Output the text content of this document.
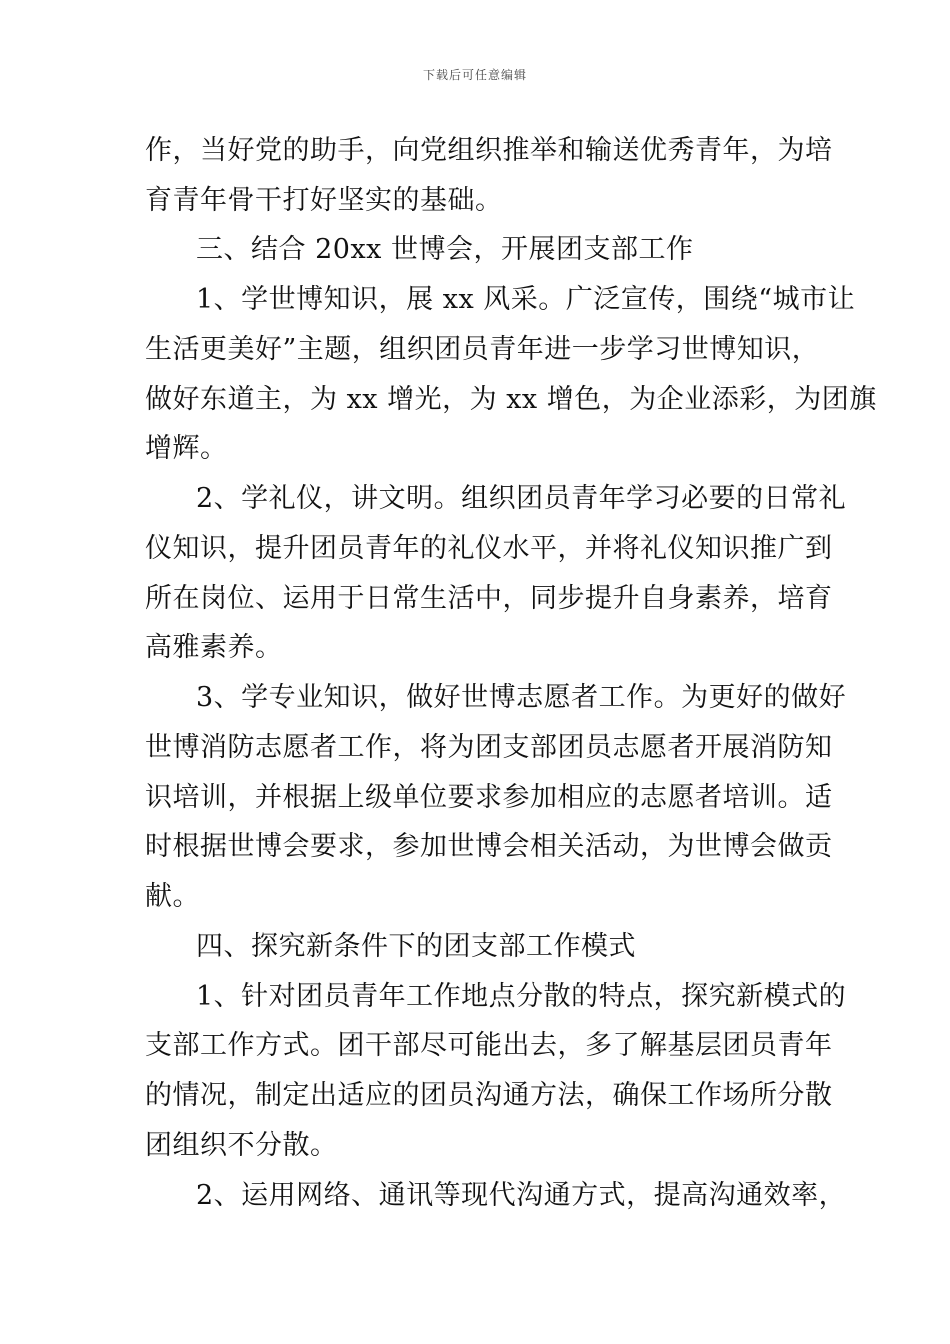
下载后可任意编辑
作，当好党的助手，向党组织推举和输送优秀青年，为培
育青年骨干打好坚实的基础。
三、结合 20xx 世博会，开展团支部工作
1、学世博知识，展 xx 风采。广泛宣传，围绕“城市让
生活更美好”主题，组织团员青年进一步学习世博知识，
做好东道主，为 xx 增光，为 xx 增色，为企业添彩，为团旗
增辉。
2、学礼仪，讲文明。组织团员青年学习必要的日常礼
仪知识，提升团员青年的礼仪水平，并将礼仪知识推广到
所在岗位、运用于日常生活中，同步提升自身素养，培育
高雅素养。
3、学专业知识，做好世博志愿者工作。为更好的做好
世博消防志愿者工作，将为团支部团员志愿者开展消防知
识培训，并根据上级单位要求参加相应的志愿者培训。适
时根据世博会要求，参加世博会相关活动，为世博会做贡
献。
四、探究新条件下的团支部工作模式
1、针对团员青年工作地点分散的特点，探究新模式的
支部工作方式。团干部尽可能出去，多了解基层团员青年
的情况，制定出适应的团员沟通方法，确保工作场所分散
团组织不分散。
2、运用网络、通讯等现代沟通方式，提高沟通效率，
